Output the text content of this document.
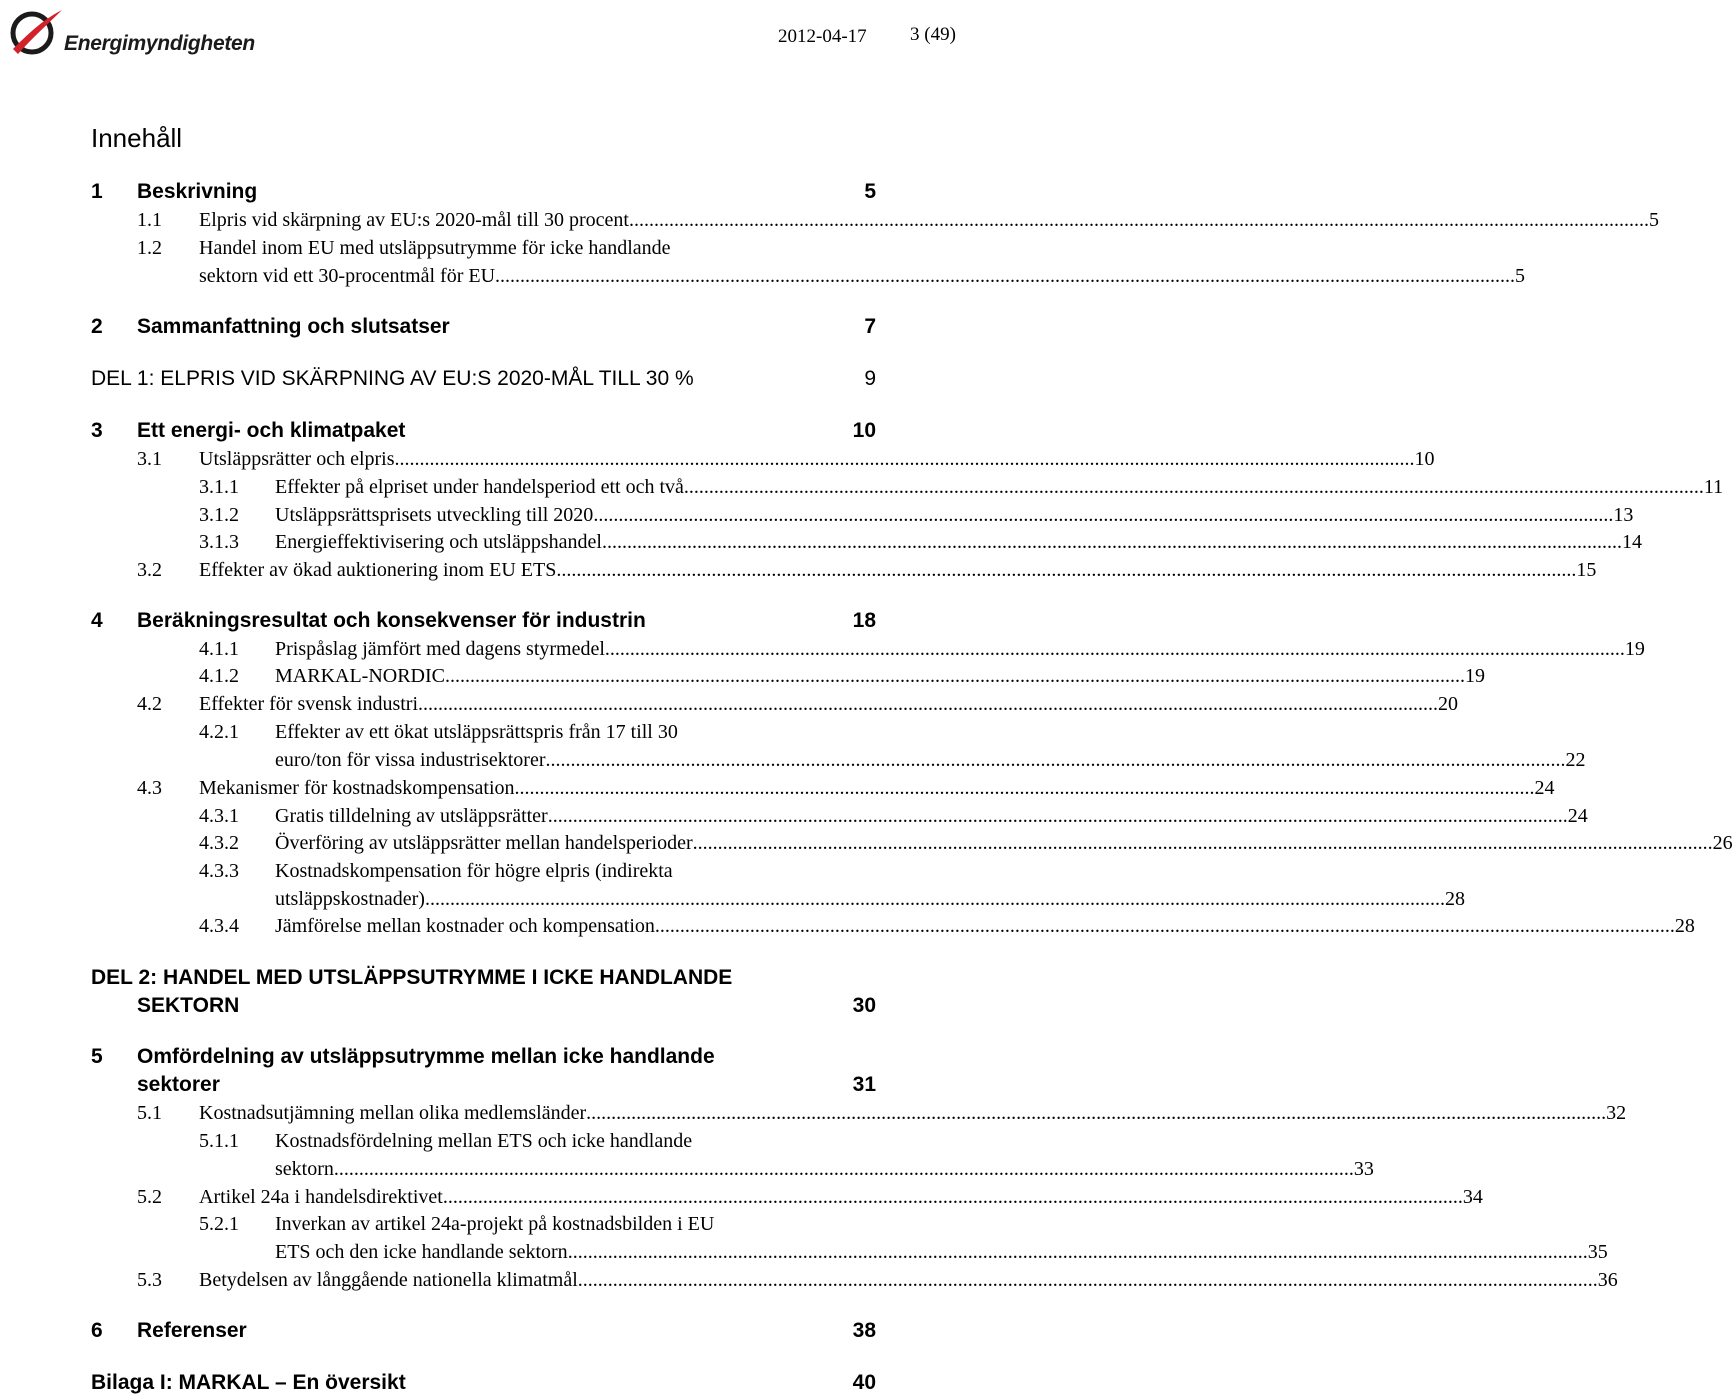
Energimyndigheten	2012-04-17 3 (49)
Innehåll
1 Beskrivning	5
1.1	Elpris vid skärpning av EU:s 2020-mål till 30 procent .....	5
1.2 Handel inom EU med utsläppsutrymme för icke handlande
sektorn vid ett 30-procentmål för EU .....	5
2 Sammanfattning och slutsatser	7
DEL 1: ELPRIS VID SKÄRPNING AV EU:S 2020-MÅL TILL 30 %	9
3 Ett energi- och klimatpaket	10
3.1	Utsläppsrätter och elpris .....	10
3.1.1	Effekter på elpriset under handelsperiod ett och två .....	11
3.1.2	Utsläppsrättsprisets utveckling till 2020 .....	13
3.1.3	Energieffektivisering och utsläppshandel .....	14
3.2	Effekter av ökad auktionering inom EU ETS .....	15
4 Beräkningsresultat och konsekvenser för industrin	18
4.1.1	Prispåslag jämfört med dagens styrmedel .....	19
4.1.2	MARKAL-NORDIC .....	19
4.2	Effekter för svensk industri .....	20
4.2.1 Effekter av ett ökat utsläppsrättspris från 17 till 30
euro/ton för vissa industrisektorer .....	22
4.3	Mekanismer för kostnadskompensation .....	24
4.3.1	Gratis tilldelning av utsläppsrätter .....	24
4.3.2	Överföring av utsläppsrätter mellan handelsperioder .....	26
4.3.3 Kostnadskompensation för högre elpris (indirekta
utsläppskostnader) .....	28
4.3.4	Jämförelse mellan kostnader och kompensation .....	28
DEL 2: HANDEL MED UTSLÄPPSUTRYMME I ICKE HANDLANDE
SEKTORN	30
5 Omfördelning av utsläppsutrymme mellan icke handlande
sektorer	31
5.1	Kostnadsutjämning mellan olika medlemsländer .....	32
5.1.1 Kostnadsfördelning mellan ETS och icke handlande
sektorn .....	33
5.2	Artikel 24a i handelsdirektivet .....	34
5.2.1 Inverkan av artikel 24a-projekt på kostnadsbilden i EU
ETS och den icke handlande sektorn .....	35
5.3	Betydelsen av långgående nationella klimatmål .....	36
6 Referenser	38
Bilaga I: MARKAL – En översikt	40
